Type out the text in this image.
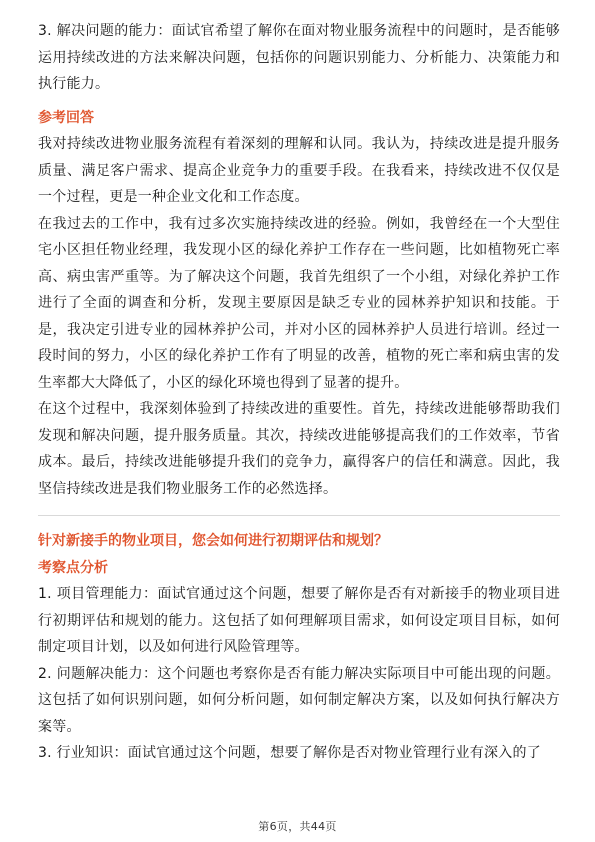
3. 解决问题的能力：面试官希望了解你在面对物业服务流程中的问题时，是否能够运用持续改进的方法来解决问题，包括你的问题识别能力、分析能力、决策能力和执行能力。

参考回答

我对持续改进物业服务流程有着深刻的理解和认同。我认为，持续改进是提升服务质量、满足客户需求、提高企业竞争力的重要手段。在我看来，持续改进不仅仅是一个过程，更是一种企业文化和工作态度。

在我过去的工作中，我有过多次实施持续改进的经验。例如，我曾经在一个大型住宅小区担任物业经理，我发现小区的绿化养护工作存在一些问题，比如植物死亡率高、病虫害严重等。为了解决这个问题，我首先组织了一个小组，对绿化养护工作进行了全面的调查和分析，发现主要原因是缺乏专业的园林养护知识和技能。于是，我决定引进专业的园林养护公司，并对小区的园林养护人员进行培训。经过一段时间的努力，小区的绿化养护工作有了明显的改善，植物的死亡率和病虫害的发生率都大大降低了，小区的绿化环境也得到了显著的提升。

在这个过程中，我深刻体验到了持续改进的重要性。首先，持续改进能够帮助我们发现和解决问题，提升服务质量。其次，持续改进能够提高我们的工作效率，节省成本。最后，持续改进能够提升我们的竞争力，赢得客户的信任和满意。因此，我坚信持续改进是我们物业服务工作的必然选择。

针对新接手的物业项目，您会如何进行初期评估和规划？
考察点分析

1. 项目管理能力：面试官通过这个问题，想要了解你是否有对新接手的物业项目进行初期评估和规划的能力。这包括了如何理解项目需求，如何设定项目目标，如何制定项目计划，以及如何进行风险管理等。

2. 问题解决能力：这个问题也考察你是否有能力解决实际项目中可能出现的问题。这包括了如何识别问题，如何分析问题，如何制定解决方案，以及如何执行解决方案等。

3. 行业知识：面试官通过这个问题，想要了解你是否对物业管理行业有深入的了

第6页，共44页
